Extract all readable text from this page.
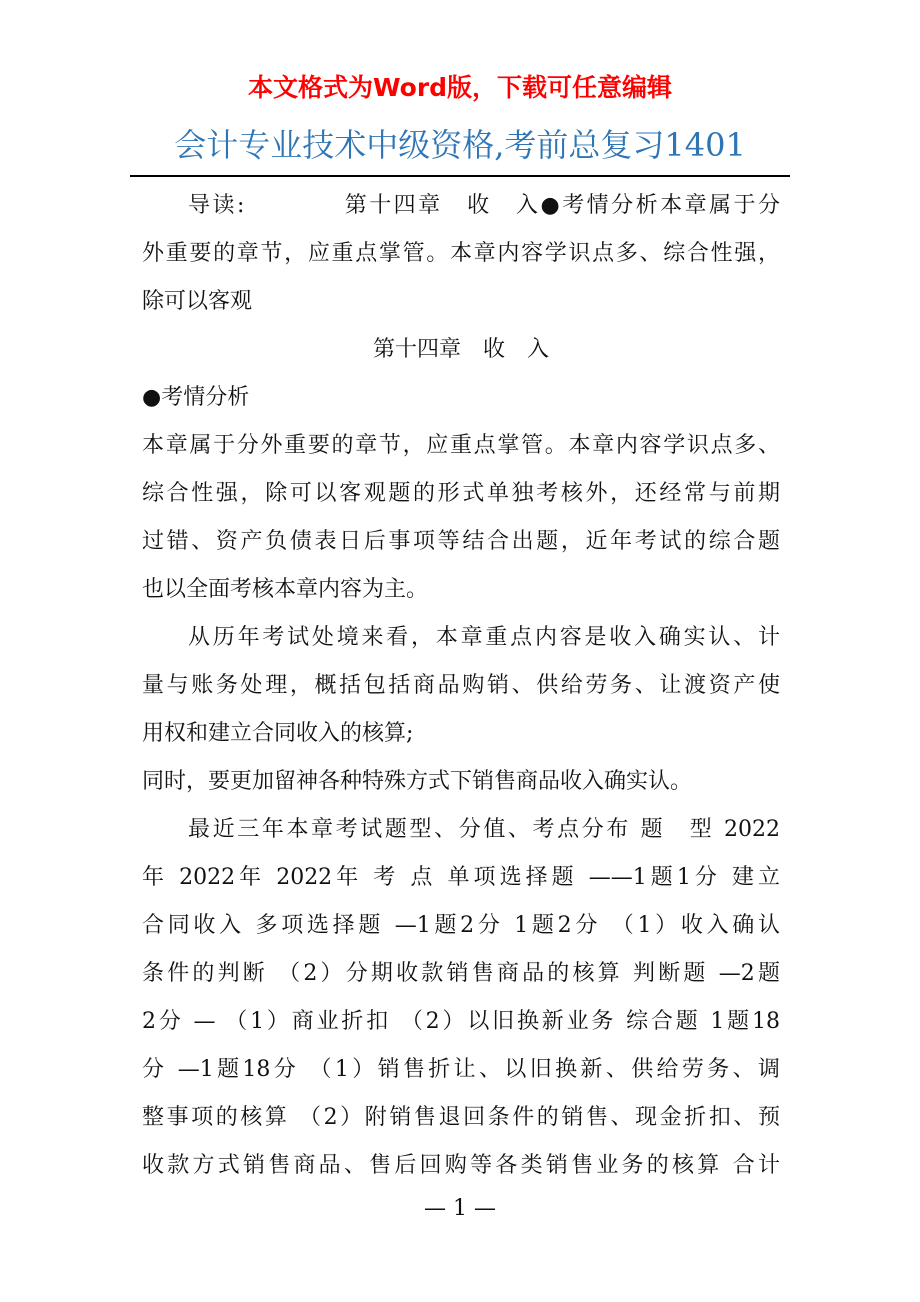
本文格式为Word版，下载可任意编辑
会计专业技术中级资格,考前总复习1401
导读:　　　　第十四章　收　入●考情分析本章属于分
外重要的章节，应重点掌管。本章内容学识点多、综合性强，
除可以客观
第十四章　收　入
●考情分析
本章属于分外重要的章节，应重点掌管。本章内容学识点多、
综合性强，除可以客观题的形式单独考核外，还经常与前期
过错、资产负债表日后事项等结合出题，近年考试的综合题
也以全面考核本章内容为主。
从历年考试处境来看，本章重点内容是收入确实认、计
量与账务处理，概括包括商品购销、供给劳务、让渡资产使
用权和建立合同收入的核算;
同时，要更加留神各种特殊方式下销售商品收入确实认。
最近三年本章考试题型、分值、考点分布 题　型 2022
年 2022年 2022年 考 点 单项选择题 ——1题1分 建立
合同收入 多项选择题 —1题2分 1题2分 （1）收入确认
条件的判断 （2）分期收款销售商品的核算 判断题 —2题
2分 — （1）商业折扣 （2）以旧换新业务 综合题 1题18
分 —1题18分 （1）销售折让、以旧换新、供给劳务、调
整事项的核算 （2）附销售退回条件的销售、现金折扣、预
收款方式销售商品、售后回购等各类销售业务的核算 合计
— 1 —
